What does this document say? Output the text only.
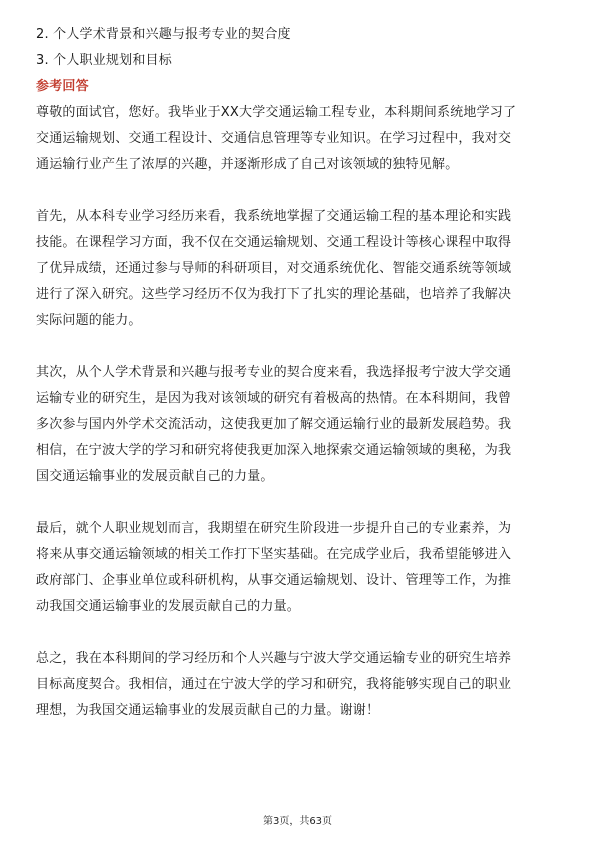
2. 个人学术背景和兴趣与报考专业的契合度
3. 个人职业规划和目标
参考回答
尊敬的面试官，您好。我毕业于XX大学交通运输工程专业，本科期间系统地学习了
交通运输规划、交通工程设计、交通信息管理等专业知识。在学习过程中，我对交
通运输行业产生了浓厚的兴趣，并逐渐形成了自己对该领域的独特见解。
首先，从本科专业学习经历来看，我系统地掌握了交通运输工程的基本理论和实践
技能。在课程学习方面，我不仅在交通运输规划、交通工程设计等核心课程中取得
了优异成绩，还通过参与导师的科研项目，对交通系统优化、智能交通系统等领域
进行了深入研究。这些学习经历不仅为我打下了扎实的理论基础，也培养了我解决
实际问题的能力。
其次，从个人学术背景和兴趣与报考专业的契合度来看，我选择报考宁波大学交通
运输专业的研究生，是因为我对该领域的研究有着极高的热情。在本科期间，我曾
多次参与国内外学术交流活动，这使我更加了解交通运输行业的最新发展趋势。我
相信，在宁波大学的学习和研究将使我更加深入地探索交通运输领域的奥秘，为我
国交通运输事业的发展贡献自己的力量。
最后，就个人职业规划而言，我期望在研究生阶段进一步提升自己的专业素养，为
将来从事交通运输领域的相关工作打下坚实基础。在完成学业后，我希望能够进入
政府部门、企事业单位或科研机构，从事交通运输规划、设计、管理等工作，为推
动我国交通运输事业的发展贡献自己的力量。
总之，我在本科期间的学习经历和个人兴趣与宁波大学交通运输专业的研究生培养
目标高度契合。我相信，通过在宁波大学的学习和研究，我将能够实现自己的职业
理想，为我国交通运输事业的发展贡献自己的力量。谢谢！
第3页，共63页
